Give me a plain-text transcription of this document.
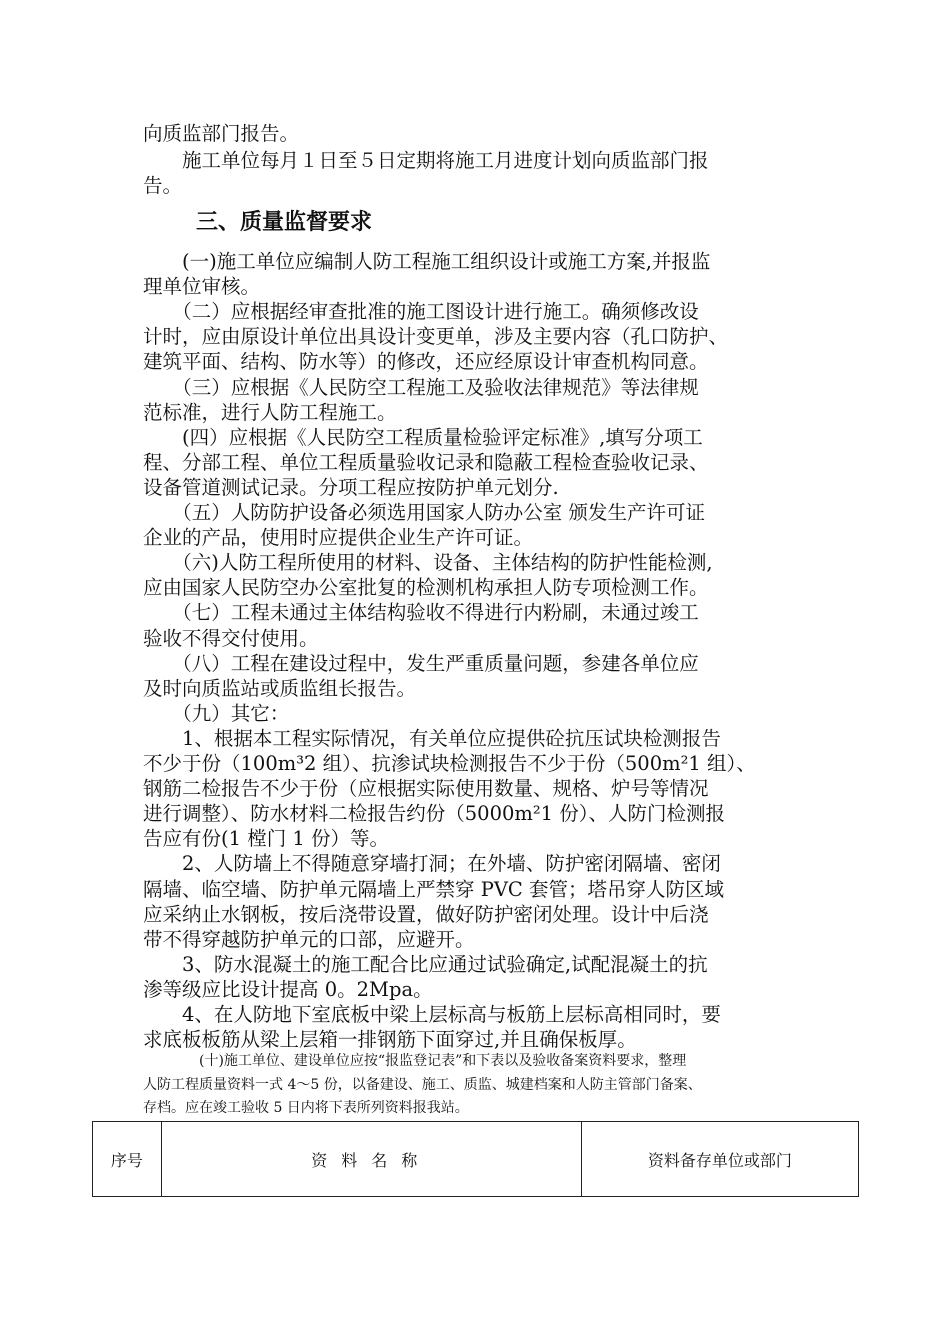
向质监部门报告。
　　施工单位每月１日至５日定期将施工月进度计划向质监部门报
告。
三、质量监督要求
　　(一)施工单位应编制人防工程施工组织设计或施工方案,并报监
理单位审核。
　　（二）应根据经审查批准的施工图设计进行施工。确须修改设
计时，应由原设计单位出具设计变更单，涉及主要内容（孔口防护、
建筑平面、结构、防水等）的修改，还应经原设计审查机构同意。
　　（三）应根据《人民防空工程施工及验收法律规范》等法律规
范标准，进行人防工程施工。
　　(四）应根据《人民防空工程质量检验评定标准》,填写分项工
程、分部工程、单位工程质量验收记录和隐蔽工程检查验收记录、
设备管道测试记录。分项工程应按防护单元划分.
　　（五）人防防护设备必须选用国家人防办公室 颁发生产许可证
企业的产品，使用时应提供企业生产许可证。
　　（六)人防工程所使用的材料、设备、主体结构的防护性能检测,
应由国家人民防空办公室批复的检测机构承担人防专项检测工作。
　　（七）工程未通过主体结构验收不得进行内粉刷，未通过竣工
验收不得交付使用。
　　（八）工程在建设过程中，发生严重质量问题，参建各单位应
及时向质监站或质监组长报告。
　　（九）其它：
　　1、根据本工程实际情况，有关单位应提供砼抗压试块检测报告
不少于份（100m³2 组）、抗渗试块检测报告不少于份（500m²1 组）、
钢筋二检报告不少于份（应根据实际使用数量、规格、炉号等情况
进行调整）、防水材料二检报告约份（5000m²1 份）、人防门检测报
告应有份(1 樘门 1 份）等。
　　2、人防墙上不得随意穿墙打洞；在外墙、防护密闭隔墙、密闭
隔墙、临空墙、防护单元隔墙上严禁穿 PVC 套管；塔吊穿人防区域
应采纳止水钢板，按后浇带设置，做好防护密闭处理。设计中后浇
带不得穿越防护单元的口部，应避开。
　　3、防水混凝土的施工配合比应通过试验确定,试配混凝土的抗
渗等级应比设计提高 0。2Mpa。
　　4、在人防地下室底板中梁上层标高与板筋上层标高相同时，要
求底板板筋从梁上层箱一排钢筋下面穿过,并且确保板厚。
　　　　(十)施工单位、建设单位应按“报监登记表”和下表以及验收备案资料要求，整理
人防工程质量资料一式 4～5 份，以备建设、施工、质监、城建档案和人防主管部门备案、
存档。应在竣工验收 5 日内将下表所列资料报我站。
序号	资料名称	资料备存单位或部门
